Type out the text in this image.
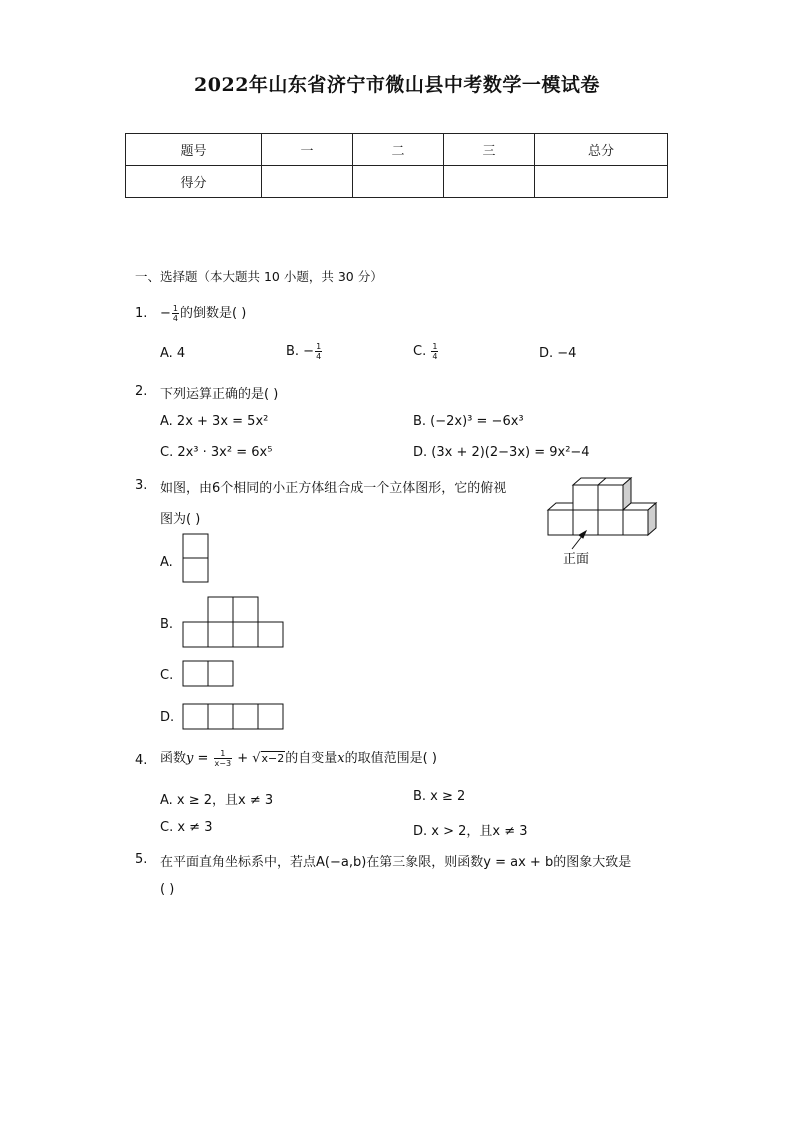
2022年山东省济宁市微山县中考数学一模试卷
题号	一	二	三	总分
得分				
一、选择题（本大题共 10 小题，共 30 分）
1. − $\frac{1}{4}$ 的倒数是( )
A. 4	B. − $\frac{1}{4}$	C. $\frac{1}{4}$	D. −4
2. 下列运算正确的是( )
A. 2x + 3x = 5x²	B. (−2x)³ = −6x³
C. 2x³ · 3x² = 6x⁵	D. (3x + 2)(2−3x) = 9x²−4
3. 如图，由6个相同的小正方体组合成一个立体图形，它的俯视
图为( )
正面
A.
B.
C.
D.
4. 函数$y = \frac{1}{x-3} + √x-2$的自变量x的取值范围是( )
A. x ≥ 2，且x ≠ 3	B. x ≥ 2
C. x ≠ 3	D. x > 2，且x ≠ 3
5. 在平面直角坐标系中，若点A(−a,b)在第三象限，则函数y = ax + b的图象大致是
( )
